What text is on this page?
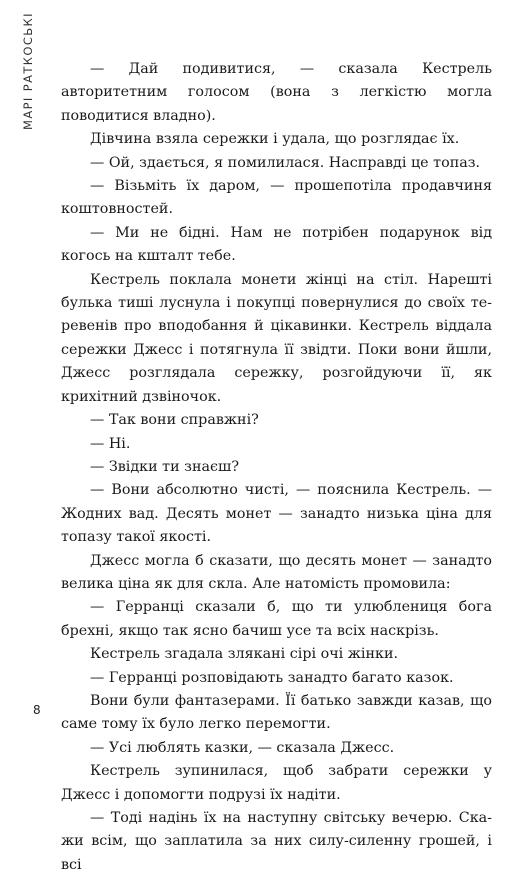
МАРІ РАТКОСЬКІ	— Дай подивитися, — сказала Кестрель авторитетним голосом (вона з легкістю могла поводитися владно).

Дівчина взяла сережки і удала, що розглядає їх.

— Ой, здається, я помилилася. Насправді це топаз.

— Візьміть їх даром, — прошепотіла продавчиня коштовностей.

— Ми не бідні. Нам не потрібен подарунок від когось на кшталт тебе.

Кестрель поклала монети жінці на стіл. Нарешті булька тиші луснула і покупці повернулися до своїх теревенів про вподобання й цікавинки. Кестрель віддала сережки Джесс і потягнула її звідти. Поки вони йшли, Джесс розглядала сережку, розгойдуючи її, як крихітний дзвіночок.

— Так вони справжні?

— Ні.

— Звідки ти знаєш?

— Вони абсолютно чисті, — пояснила Кестрель. — Жодних вад. Десять монет — занадто низька ціна для топазу такої якості.

Джесс могла б сказати, що десять монет — занадто велика ціна як для скла. Але натомість промовила:

— Герранці сказали б, що ти улюблениця бога брехні, якщо так ясно бачиш усе та всіх наскрізь.

Кестрель згадала злякані сірі очі жінки.

— Герранці розповідають занадто багато казок.

Вони були фантазерами. Її батько завжди казав, що саме тому їх було легко перемогти.

— Усі люблять казки, — сказала Джесс.

Кестрель зупинилася, щоб забрати сережки у Джесс і допомогти подрузі їх надіти.

— Тоді надінь їх на наступну світську вечерю. Скажи всім, що заплатила за них силу-силенну грошей, і всі

8
